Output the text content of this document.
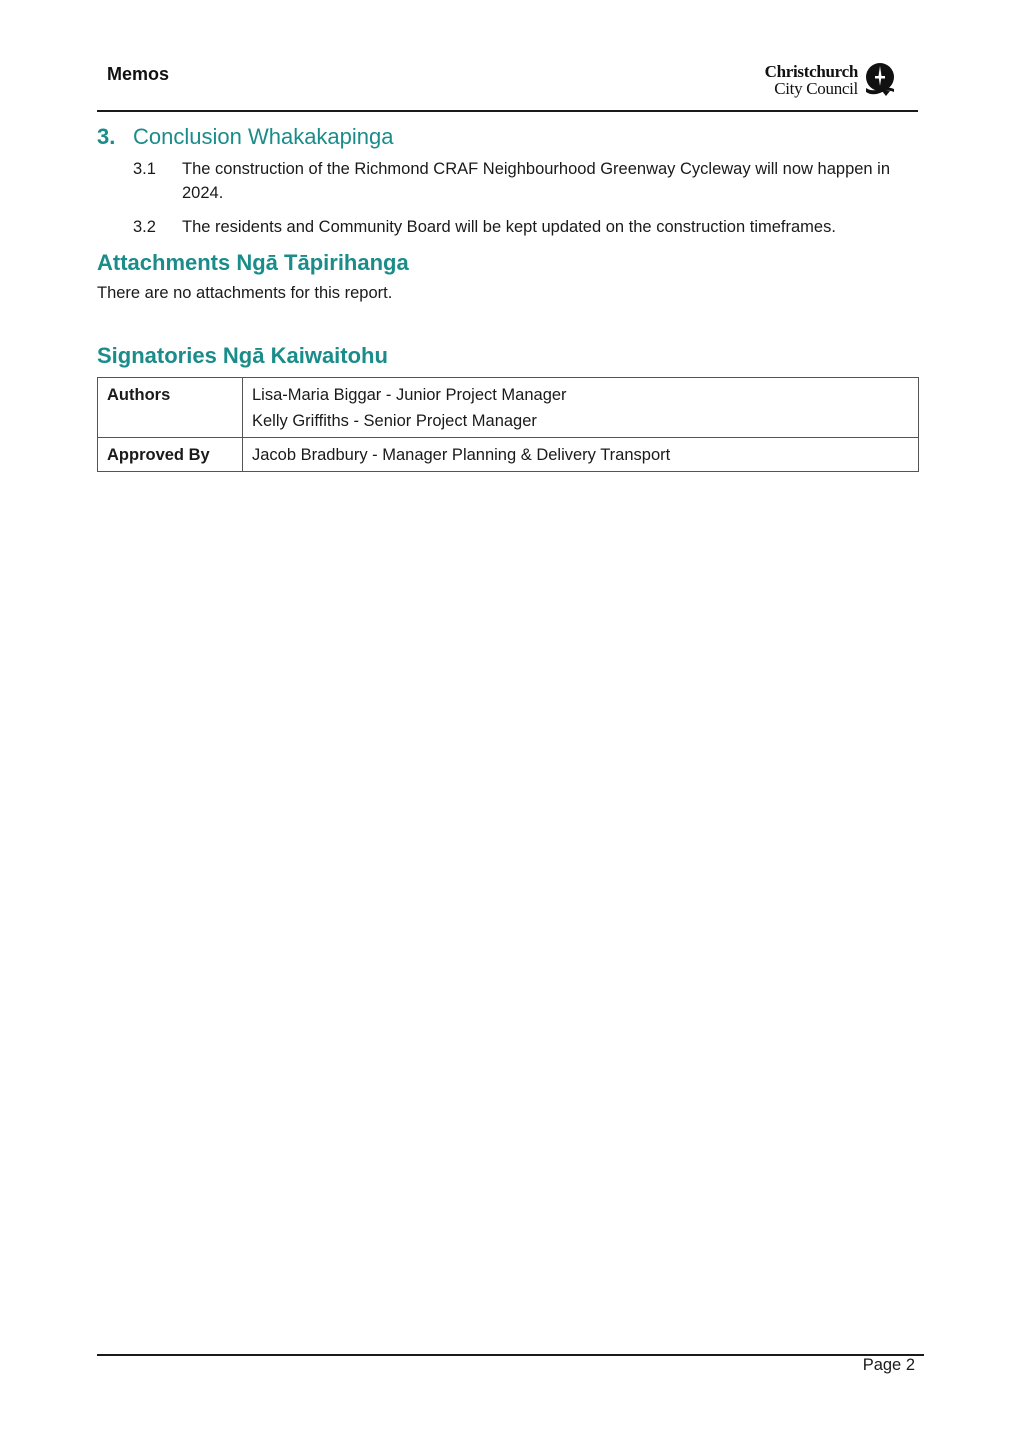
Memos	Christchurch
City Council
3. Conclusion Whakakapinga
3.1 The construction of the Richmond CRAF Neighbourhood Greenway Cycleway will now happen in 2024.
3.2 The residents and Community Board will be kept updated on the construction timeframes.
Attachments Ngā Tāpirihanga
There are no attachments for this report.
Signatories Ngā Kaiwaitohu
Authors	Lisa-Maria Biggar - Junior Project Manager
Kelly Griffiths - Senior Project Manager

Approved By	Jacob Bradbury - Manager Planning & Delivery Transport
Page 2
